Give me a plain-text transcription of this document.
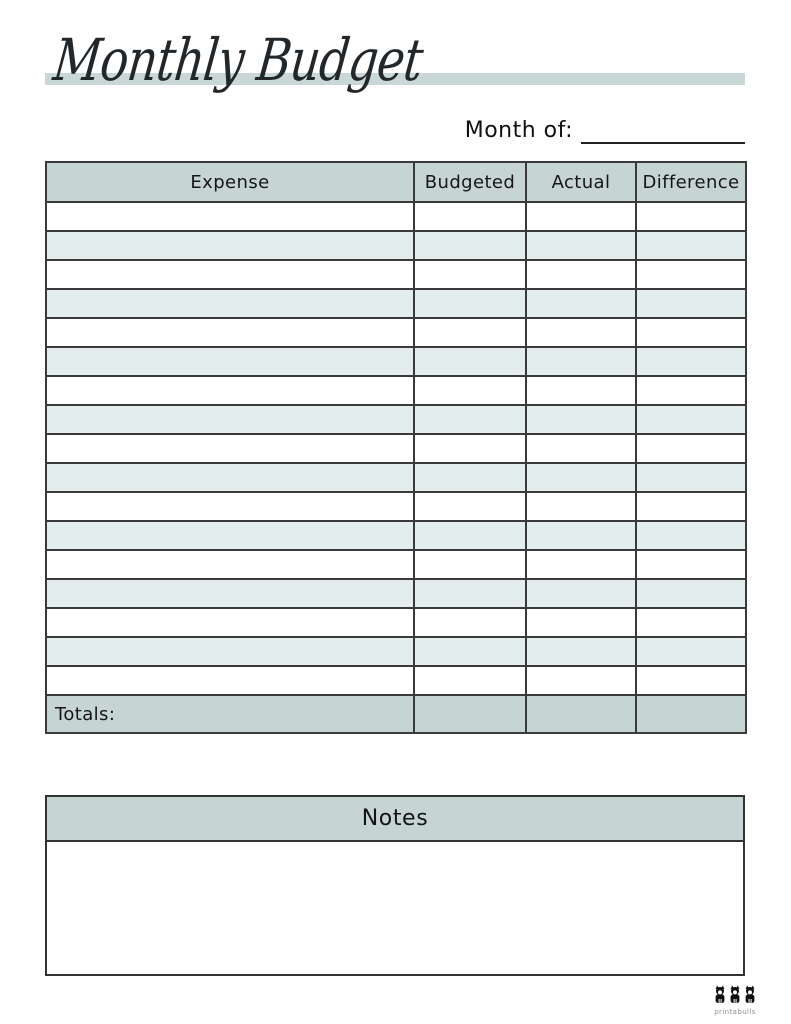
Monthly Budget
Month of:
Expense	Budgeted	Actual	Difference

Totals:			
Notes
printabulls
